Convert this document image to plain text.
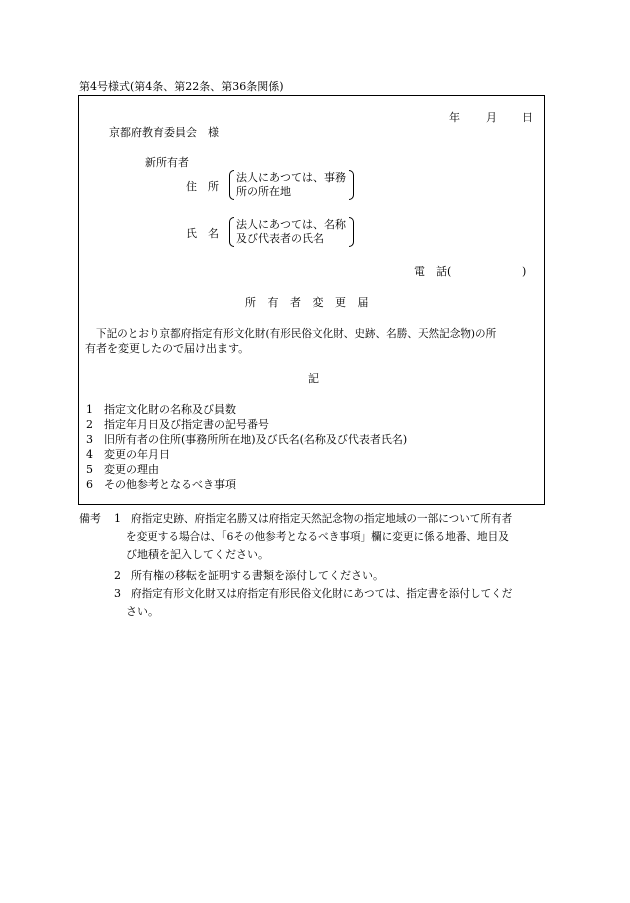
第4号様式(第4条、第22条、第36条関係)
年 月 日
京都府教育委員会　様
新所有者
住　所
法人にあつては、事務
所の所在地
氏　名
法人にあつては、名称
及び代表者の氏名
電　話(	)
所 有 者 変 更 届
下記のとおり京都府指定有形文化財(有形民俗文化財、史跡、名勝、天然記念物)の所
有者を変更したので届け出ます。
記
1 指定文化財の名称及び員数
2 指定年月日及び指定書の記号番号
3 旧所有者の住所(事務所所在地)及び氏名(名称及び代表者氏名)
4 変更の年月日
5 変更の理由
6 その他参考となるべき事項
備考 1 府指定史跡、府指定名勝又は府指定天然記念物の指定地域の一部について所有者
を変更する場合は、「6その他参考となるべき事項」欄に変更に係る地番、地目及
び地積を記入してください。
2 所有権の移転を証明する書類を添付してください。
3 府指定有形文化財又は府指定有形民俗文化財にあつては、指定書を添付してくだ
さい。
